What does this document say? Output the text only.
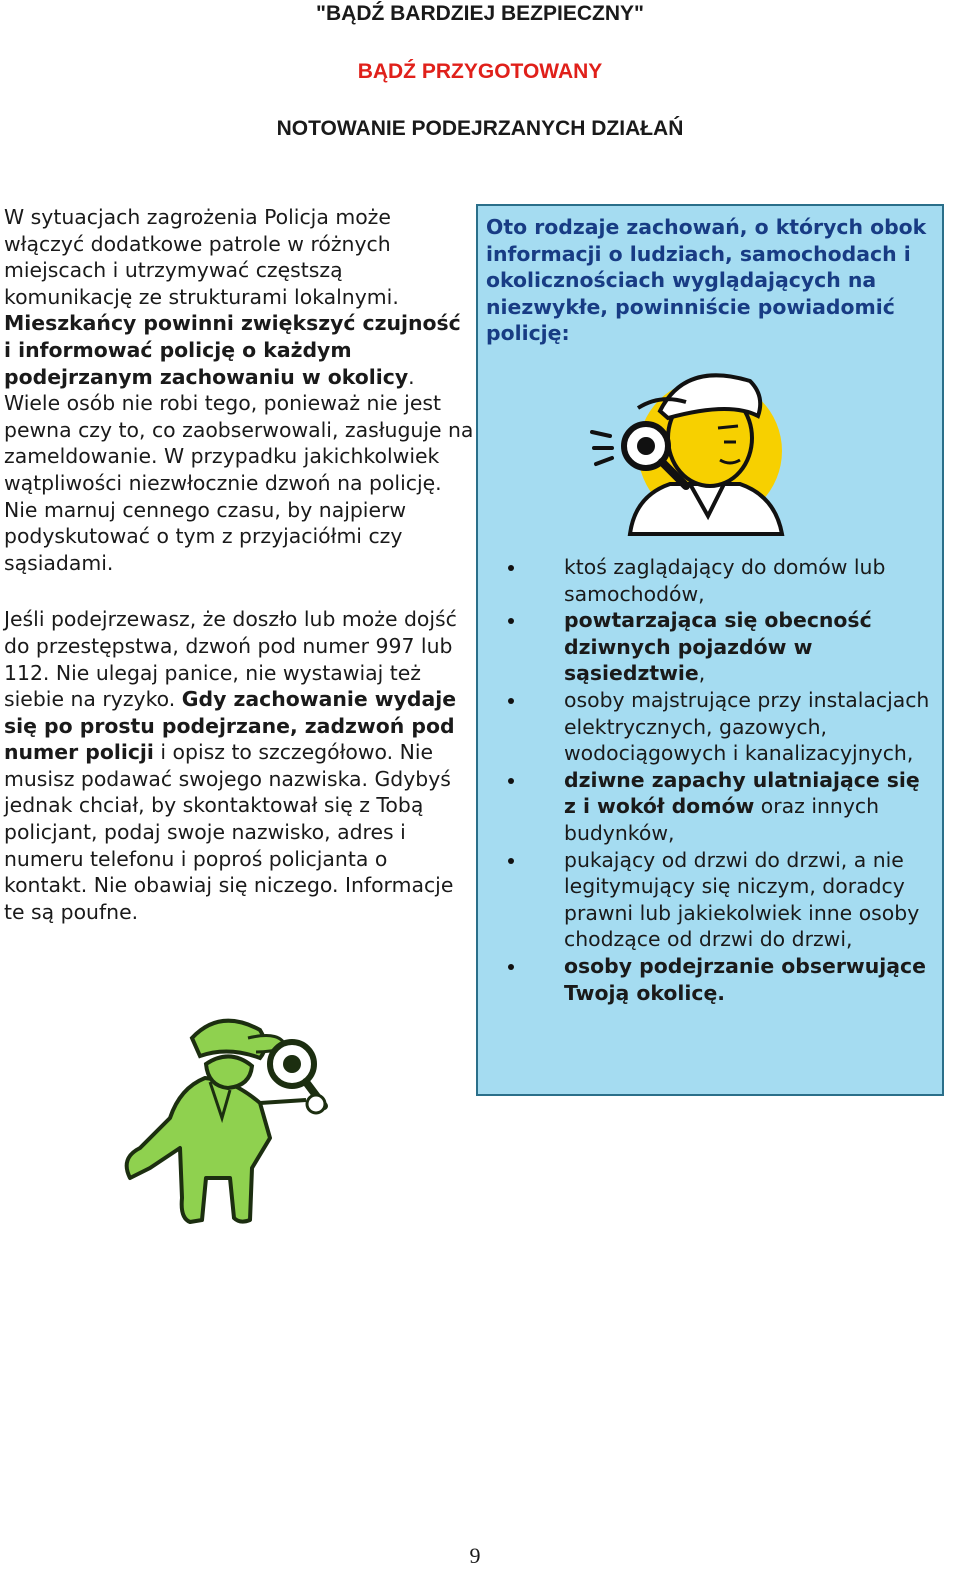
"BĄDŹ BARDZIEJ BEZPIECZNY"
BĄDŹ PRZYGOTOWANY
NOTOWANIE PODEJRZANYCH DZIAŁAŃ

W sytuacjach zagrożenia Policja może włączyć dodatkowe patrole w różnych miejscach i utrzymywać częstszą komunikację ze strukturami lokalnymi. Mieszkańcy powinni zwiększyć czujność i informować policję o każdym podejrzanym zachowaniu w okolicy. Wiele osób nie robi tego, ponieważ nie jest pewna czy to, co zaobserwowali, zasługuje na zameldowanie. W przypadku jakichkolwiek wątpliwości niezwłocznie dzwoń na policję. Nie marnuj cennego czasu, by najpierw podyskutować o tym z przyjaciółmi czy sąsiadami.

Jeśli podejrzewasz, że doszło lub może dojść do przestępstwa, dzwoń pod numer 997 lub 112. Nie ulegaj panice, nie wystawiaj też siebie na ryzyko. Gdy zachowanie wydaje się po prostu podejrzane, zadzwoń pod numer policji i opisz to szczegółowo. Nie musisz podawać swojego nazwiska. Gdybyś jednak chciał, by skontaktował się z Tobą policjant, podaj swoje nazwisko, adres i numeru telefonu i poproś policjanta o kontakt. Nie obawiaj się niczego. Informacje te są poufne.

Oto rodzaje zachowań, o których obok informacji o ludziach, samochodach i okolicznościach wyglądających na niezwykłe, powinniście powiadomić policję:

ktoś zaglądający do domów lub samochodów,
powtarzająca się obecność dziwnych pojazdów w sąsiedztwie,
osoby majstrujące przy instalacjach elektrycznych, gazowych, wodociągowych i kanalizacyjnych,
dziwne zapachy ulatniające się z i wokół domów oraz innych budynków,
pukający od drzwi do drzwi, a nie legitymujący się niczym, doradcy prawni lub jakiekolwiek inne osoby chodzące od drzwi do drzwi,
osoby podejrzanie obserwujące Twoją okolicę.
9
